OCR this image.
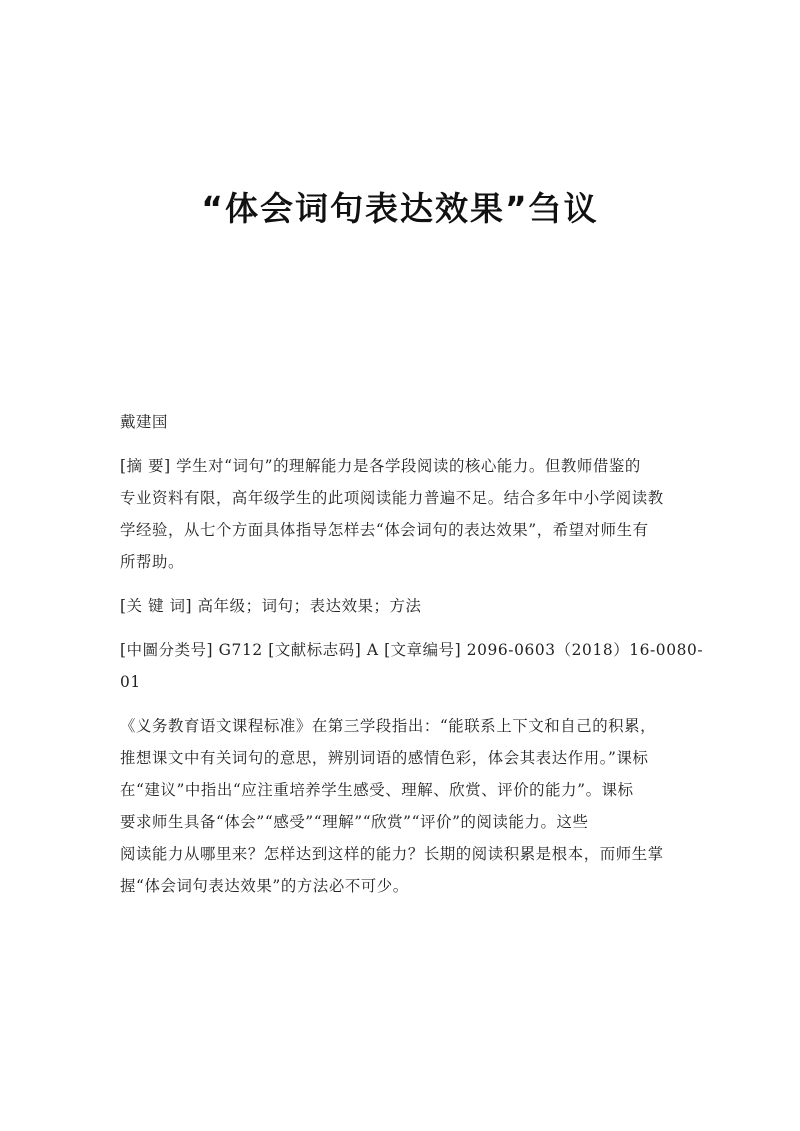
“体会词句表达效果”刍议
戴建国
[摘 要] 学生对“词句”的理解能力是各学段阅读的核心能力。但教师借鉴的
专业资料有限，高年级学生的此项阅读能力普遍不足。结合多年中小学阅读教
学经验，从七个方面具体指导怎样去“体会词句的表达效果”，希望对师生有
所帮助。
[关 键 词] 高年级；词句；表达效果；方法
[中圖分类号] G712 [文献标志码] A [文章编号] 2096-0603（2018）16-0080-
01
《义务教育语文课程标准》在第三学段指出：“能联系上下文和自己的积累，
推想课文中有关词句的意思，辨别词语的感情色彩，体会其表达作用。”课标
在“建议”中指出“应注重培养学生感受、理解、欣赏、评价的能力”。课标
要求师生具备“体会”“感受”“理解”“欣赏”“评价”的阅读能力。这些
阅读能力从哪里来？怎样达到这样的能力？长期的阅读积累是根本，而师生掌
握“体会词句表达效果”的方法必不可少。
